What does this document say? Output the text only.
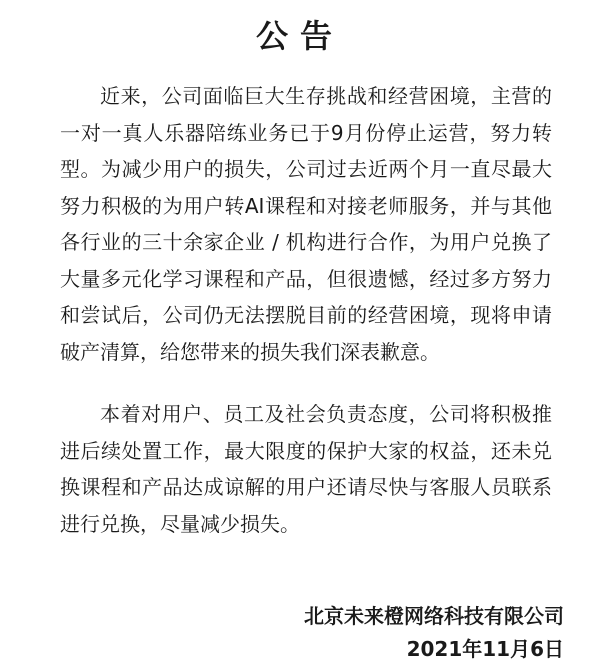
公告

近来，公司面临巨大生存挑战和经营困境，主营的一对一真人乐器陪练业务已于9月份停止运营，努力转型。为减少用户的损失，公司过去近两个月一直尽最大努力积极的为用户转AI课程和对接老师服务，并与其他各行业的三十余家企业 / 机构进行合作，为用户兑换了大量多元化学习课程和产品，但很遗憾，经过多方努力和尝试后，公司仍无法摆脱目前的经营困境，现将申请破产清算，给您带来的损失我们深表歉意。

本着对用户、员工及社会负责态度，公司将积极推进后续处置工作，最大限度的保护大家的权益，还未兑换课程和产品达成谅解的用户还请尽快与客服人员联系进行兑换，尽量减少损失。

北京未来橙网络科技有限公司
2021年11月6日
